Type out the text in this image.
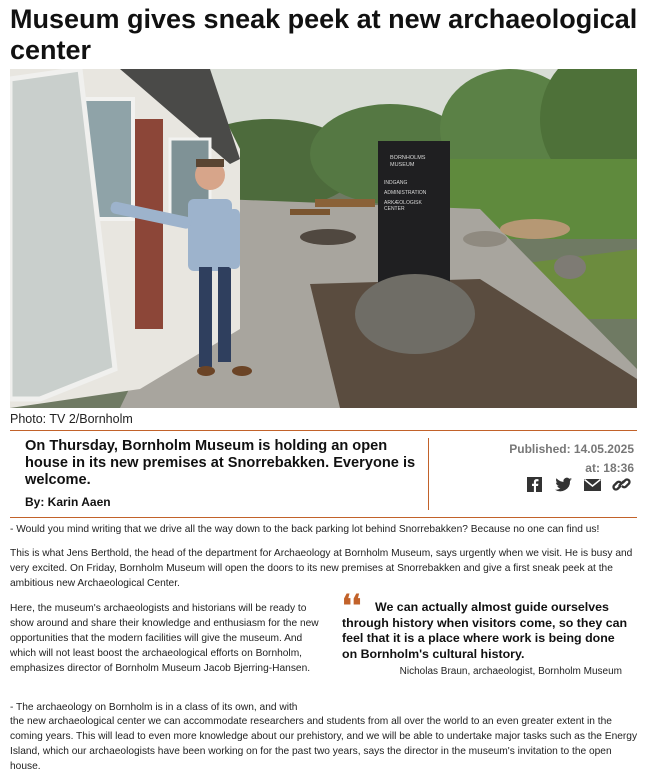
Museum gives sneak peek at new archaeological center
BORNHOLMS
MUSEUM
INDGANG
ADMINISTRATION
ARKÆOLOGISK
CENTER
Photo: TV 2/Bornholm

On Thursday, Bornholm Museum is holding an open house in its new premises at Snorrebakken. Everyone is welcome.

By: Karin Aaen
Published: 14.05.2025
at: 18:36

- Would you mind writing that we drive all the way down to the back parking lot behind Snorrebakken? Because no one can find us!

This is what Jens Berthold, the head of the department for Archaeology at Bornholm Museum, says urgently when we visit. He is busy and very excited. On Friday, Bornholm Museum will open the doors to its new premises at Snorrebakken and give a first sneak peek at the ambitious new Archaeological Center.

Here, the museum's archaeologists and historians will be ready to show around and share their knowledge and enthusiasm for the new opportunities that the modern facilities will give the museum. And which will not least boost the archaeological efforts on Bornholm, emphasizes director of Bornholm Museum Jacob Bjerring-Hansen.

❛❛	We can actually almost guide ourselves through history when visitors come, so they can feel that it is a place where work is being done on Bornholm's cultural history.
Nicholas Braun, archaeologist, Bornholm Museum

- The archaeology on Bornholm is in a class of its own, and with

the new archaeological center we can accommodate researchers and students from all over the world to an even greater extent in the coming years. This will lead to even more knowledge about our prehistory, and we will be able to undertake major tasks such as the Energy Island, which our archaeologists have been working on for the past two years, says the director in the museum's invitation to the open house.
